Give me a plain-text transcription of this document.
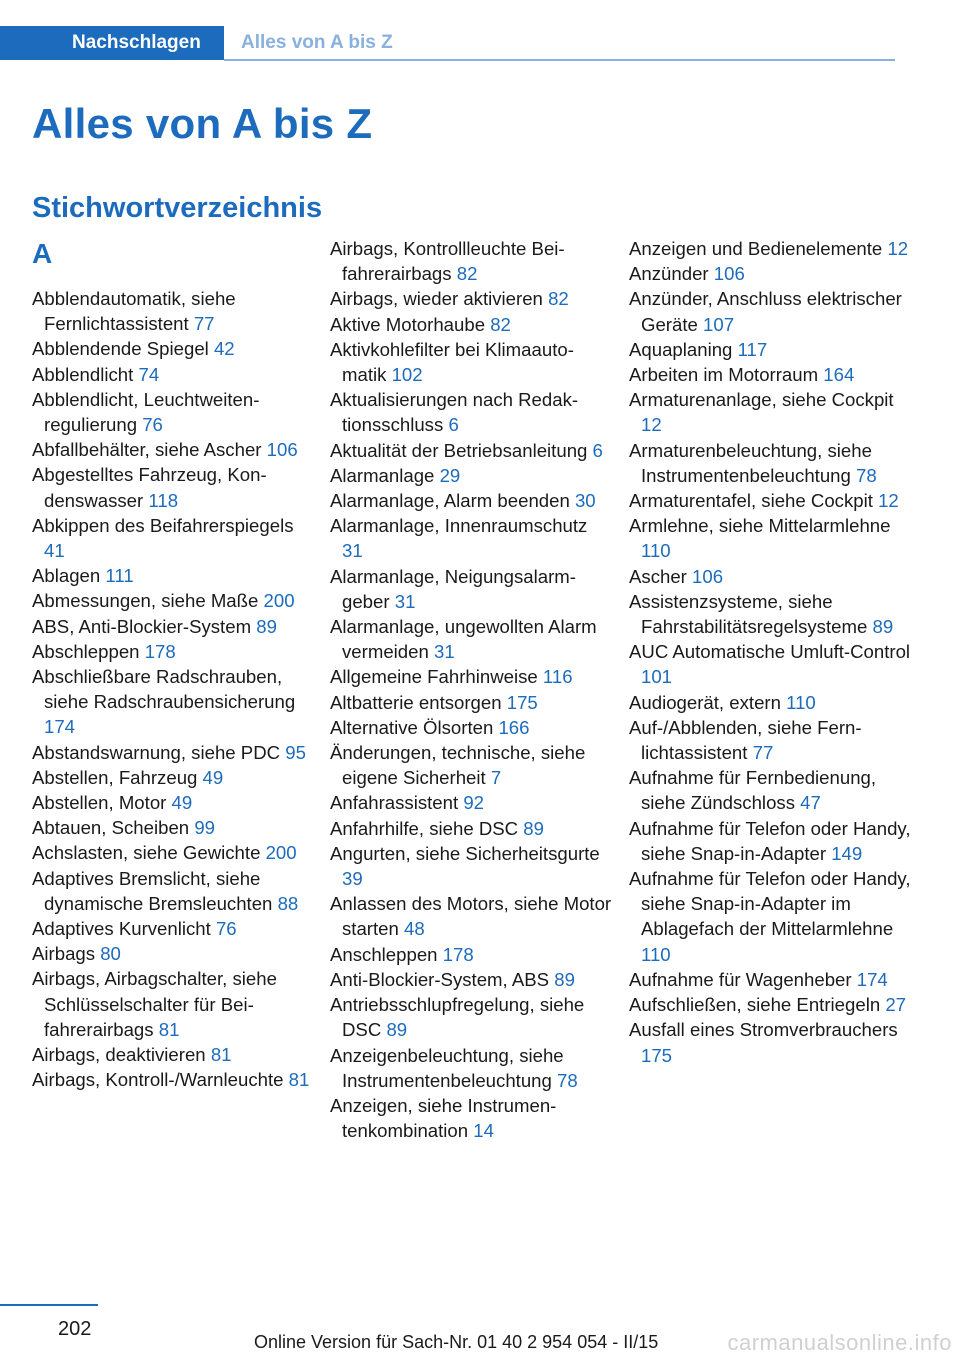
Nachschlagen Alles von A bis Z
Alles von A bis Z
Stichwortverzeichnis
A
Abblendautomatik, siehe Fernlichtassistent 77
Abblendende Spiegel 42
Abblendlicht 74
Abblendlicht, Leuchtweitenregulierung 76
Abfallbehälter, siehe Ascher 106
Abgestelltes Fahrzeug, Kondenswasser 118
Abkippen des Beifahrerspiegels 41
Ablagen 111
Abmessungen, siehe Maße 200
ABS, Anti-Blockier-System 89
Abschleppen 178
Abschließbare Radschrauben, siehe Radschraubensicherung 174
Abstandswarnung, siehe PDC 95
Abstellen, Fahrzeug 49
Abstellen, Motor 49
Abtauen, Scheiben 99
Achslasten, siehe Gewichte 200
Adaptives Bremslicht, siehe dynamische Bremsleuchten 88
Adaptives Kurvenlicht 76
Airbags 80
Airbags, Airbagschalter, siehe Schlüsselschalter für Beifahrerairbags 81
Airbags, deaktivieren 81
Airbags, Kontroll-/Warnleuchte 81
Airbags, Kontrollleuchte Beifahrerairbags 82
Airbags, wieder aktivieren 82
Aktive Motorhaube 82
Aktivkohlefilter bei Klimaautomatik 102
Aktualisierungen nach Redaktionsschluss 6
Aktualität der Betriebsanleitung 6
Alarmanlage 29
Alarmanlage, Alarm beenden 30
Alarmanlage, Innenraumschutz 31
Alarmanlage, Neigungsalarmgeber 31
Alarmanlage, ungewollten Alarm vermeiden 31
Allgemeine Fahrhinweise 116
Altbatterie entsorgen 175
Alternative Ölsorten 166
Änderungen, technische, siehe eigene Sicherheit 7
Anfahrassistent 92
Anfahrhilfe, siehe DSC 89
Angurten, siehe Sicherheitsgurte 39
Anlassen des Motors, siehe Motor starten 48
Anschleppen 178
Anti-Blockier-System, ABS 89
Antriebsschlupfregelung, siehe DSC 89
Anzeigenbeleuchtung, siehe Instrumentenbeleuchtung 78
Anzeigen, siehe Instrumentenkombination 14
Anzeigen und Bedienelemente 12
Anzünder 106
Anzünder, Anschluss elektrischer Geräte 107
Aquaplaning 117
Arbeiten im Motorraum 164
Armaturenanlage, siehe Cockpit 12
Armaturenbeleuchtung, siehe Instrumentenbeleuchtung 78
Armaturentafel, siehe Cockpit 12
Armlehne, siehe Mittelarmlehne 110
Ascher 106
Assistenzsysteme, siehe Fahrstabilitätsregelsysteme 89
AUC Automatische Umluft-Control 101
Audiogerät, extern 110
Auf-/Abblenden, siehe Fernlichtassistent 77
Aufnahme für Fernbedienung, siehe Zündschloss 47
Aufnahme für Telefon oder Handy, siehe Snap-in-Adapter 149
Aufnahme für Telefon oder Handy, siehe Snap-in-Adapter im Ablagefach der Mittelarmlehne 110
Aufnahme für Wagenheber 174
Aufschließen, siehe Entriegeln 27
Ausfall eines Stromverbrauchers 175
202
Online Version für Sach-Nr. 01 40 2 954 054 - II/15	carmanualsonline.info
